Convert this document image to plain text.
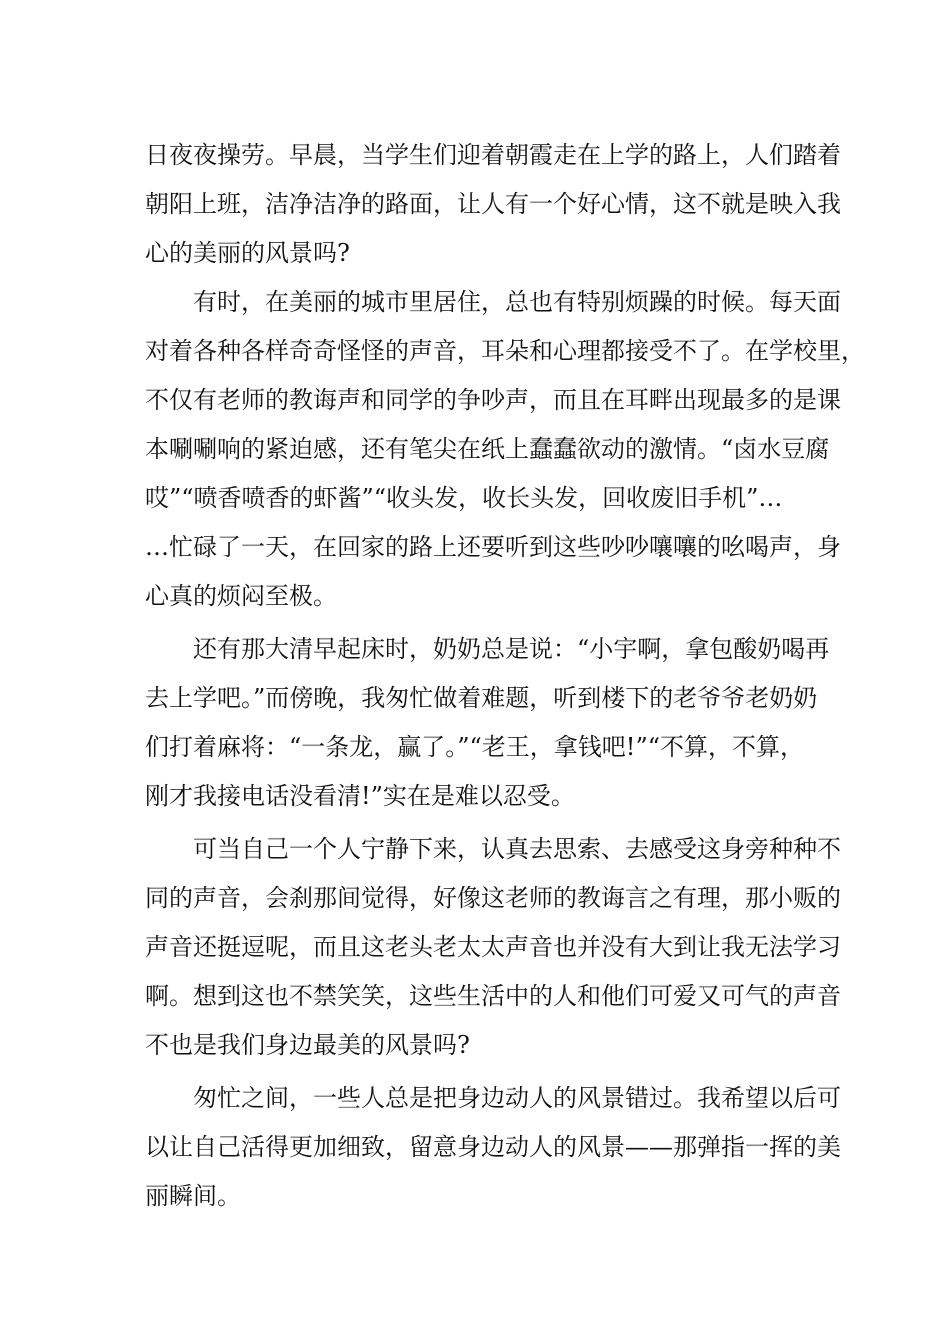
日夜夜操劳。早晨，当学生们迎着朝霞走在上学的路上，人们踏着

朝阳上班，洁净洁净的路面，让人有一个好心情，这不就是映入我

心的美丽的风景吗?

有时，在美丽的城市里居住，总也有特别烦躁的时候。每天面

对着各种各样奇奇怪怪的声音，耳朵和心理都接受不了。在学校里，

不仅有老师的教诲声和同学的争吵声，而且在耳畔出现最多的是课

本唰唰响的紧迫感，还有笔尖在纸上蠢蠢欲动的激情。“卤水豆腐

哎”“喷香喷香的虾酱”“收头发，收长头发，回收废旧手机”…

…忙碌了一天，在回家的路上还要听到这些吵吵嚷嚷的吆喝声，身

心真的烦闷至极。

还有那大清早起床时，奶奶总是说：“小宇啊，拿包酸奶喝再

去上学吧。”而傍晚，我匆忙做着难题，听到楼下的老爷爷老奶奶

们打着麻将：“一条龙，赢了。”“老王，拿钱吧!”“不算，不算，

刚才我接电话没看清!”实在是难以忍受。

可当自己一个人宁静下来，认真去思索、去感受这身旁种种不

同的声音，会刹那间觉得，好像这老师的教诲言之有理，那小贩的

声音还挺逗呢，而且这老头老太太声音也并没有大到让我无法学习

啊。想到这也不禁笑笑，这些生活中的人和他们可爱又可气的声音

不也是我们身边最美的风景吗?

匆忙之间，一些人总是把身边动人的风景错过。我希望以后可

以让自己活得更加细致，留意身边动人的风景——那弹指一挥的美

丽瞬间。
